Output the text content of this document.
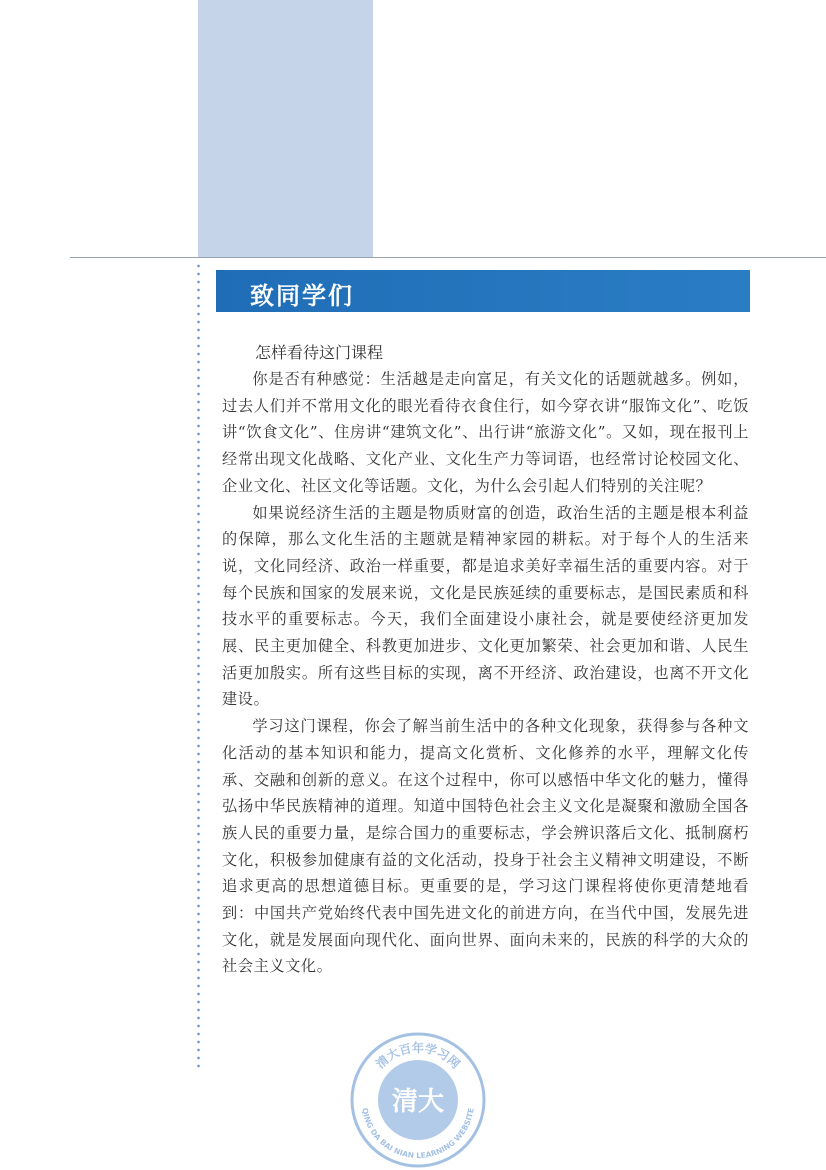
致同学们
怎样看待这门课程

你是否有种感觉：生活越是走向富足，有关文化的话题就越多。例如，过去人们并不常用文化的眼光看待衣食住行，如今穿衣讲“服饰文化”、吃饭讲“饮食文化”、住房讲“建筑文化”、出行讲“旅游文化”。又如，现在报刊上经常出现文化战略、文化产业、文化生产力等词语，也经常讨论校园文化、企业文化、社区文化等话题。文化，为什么会引起人们特别的关注呢？

如果说经济生活的主题是物质财富的创造，政治生活的主题是根本利益的保障，那么文化生活的主题就是精神家园的耕耘。对于每个人的生活来说，文化同经济、政治一样重要，都是追求美好幸福生活的重要内容。对于每个民族和国家的发展来说，文化是民族延续的重要标志，是国民素质和科技水平的重要标志。今天，我们全面建设小康社会，就是要使经济更加发展、民主更加健全、科教更加进步、文化更加繁荣、社会更加和谐、人民生活更加殷实。所有这些目标的实现，离不开经济、政治建设，也离不开文化建设。

学习这门课程，你会了解当前生活中的各种文化现象，获得参与各种文化活动的基本知识和能力，提高文化赏析、文化修养的水平，理解文化传承、交融和创新的意义。在这个过程中，你可以感悟中华文化的魅力，懂得弘扬中华民族精神的道理。知道中国特色社会主义文化是凝聚和激励全国各族人民的重要力量，是综合国力的重要标志，学会辨识落后文化、抵制腐朽文化，积极参加健康有益的文化活动，投身于社会主义精神文明建设，不断追求更高的思想道德目标。更重要的是，学习这门课程将使你更清楚地看到：中国共产党始终代表中国先进文化的前进方向，在当代中国，发展先进文化，就是发展面向现代化、面向世界、面向未来的，民族的科学的大众的社会主义文化。

清大百年学习网
QING DA BAI NIAN LEARNING WEBSITE
清大
